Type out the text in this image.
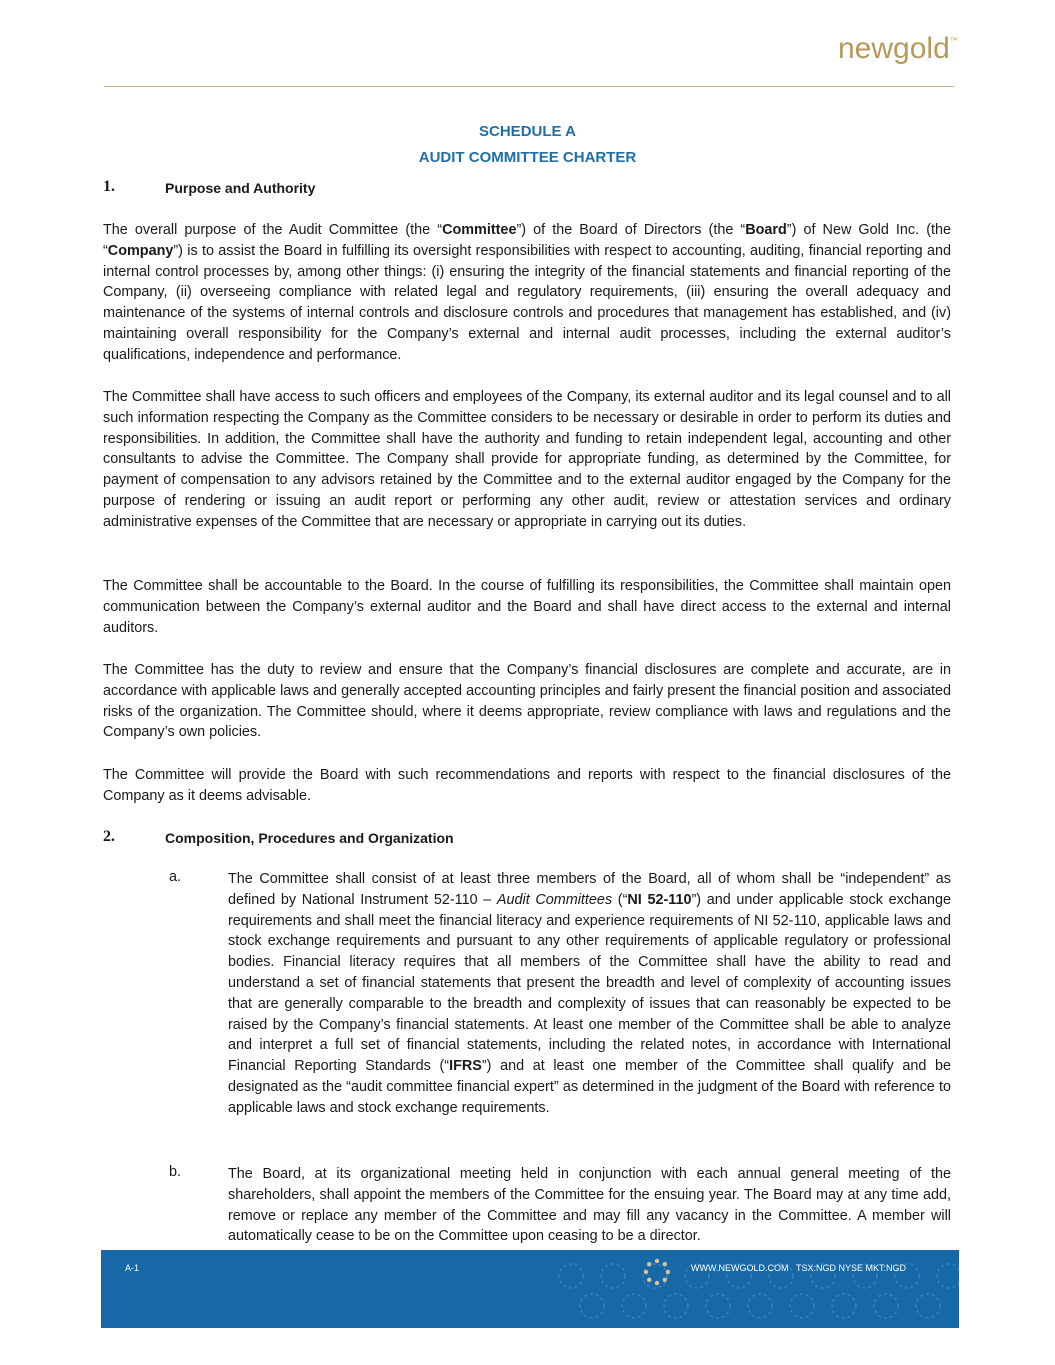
newgold™
SCHEDULE A
AUDIT COMMITTEE CHARTER
1.	Purpose and Authority

The overall purpose of the Audit Committee (the “Committee”) of the Board of Directors (the “Board”) of New Gold Inc. (the “Company”) is to assist the Board in fulfilling its oversight responsibilities with respect to accounting, auditing, financial reporting and internal control processes by, among other things: (i) ensuring the integrity of the financial statements and financial reporting of the Company, (ii) overseeing compliance with related legal and regulatory requirements, (iii) ensuring the overall adequacy and maintenance of the systems of internal controls and disclosure controls and procedures that management has established, and (iv) maintaining overall responsibility for the Company’s external and internal audit processes, including the external auditor’s qualifications, independence and performance.

The Committee shall have access to such officers and employees of the Company, its external auditor and its legal counsel and to all such information respecting the Company as the Committee considers to be necessary or desirable in order to perform its duties and responsibilities. In addition, the Committee shall have the authority and funding to retain independent legal, accounting and other consultants to advise the Committee. The Company shall provide for appropriate funding, as determined by the Committee, for payment of compensation to any advisors retained by the Committee and to the external auditor engaged by the Company for the purpose of rendering or issuing an audit report or performing any other audit, review or attestation services and ordinary administrative expenses of the Committee that are necessary or appropriate in carrying out its duties.

The Committee shall be accountable to the Board. In the course of fulfilling its responsibilities, the Committee shall maintain open communication between the Company’s external auditor and the Board and shall have direct access to the external and internal auditors.

The Committee has the duty to review and ensure that the Company’s financial disclosures are complete and accurate, are in accordance with applicable laws and generally accepted accounting principles and fairly present the financial position and associated risks of the organization. The Committee should, where it deems appropriate, review compliance with laws and regulations and the Company’s own policies.

The Committee will provide the Board with such recommendations and reports with respect to the financial disclosures of the Company as it deems advisable.

2.	Composition, Procedures and Organization
a.	The Committee shall consist of at least three members of the Board, all of whom shall be “independent” as defined by National Instrument 52-110 – Audit Committees (“NI 52-110”) and under applicable stock exchange requirements and shall meet the financial literacy and experience requirements of NI 52-110, applicable laws and stock exchange requirements and pursuant to any other requirements of applicable regulatory or professional bodies. Financial literacy requires that all members of the Committee shall have the ability to read and understand a set of financial statements that present the breadth and level of complexity of accounting issues that are generally comparable to the breadth and complexity of issues that can reasonably be expected to be raised by the Company’s financial statements. At least one member of the Committee shall be able to analyze and interpret a full set of financial statements, including the related notes, in accordance with International Financial Reporting Standards (“IFRS”) and at least one member of the Committee shall qualify and be designated as the “audit committee financial expert” as determined in the judgment of the Board with reference to applicable laws and stock exchange requirements.

b.	The Board, at its organizational meeting held in conjunction with each annual general meeting of the shareholders, shall appoint the members of the Committee for the ensuing year. The Board may at any time add, remove or replace any member of the Committee and may fill any vacancy in the Committee. A member will automatically cease to be on the Committee upon ceasing to be a director.

A-1	WWW.NEWGOLD.COM TSX:NGD NYSE MKT:NGD
